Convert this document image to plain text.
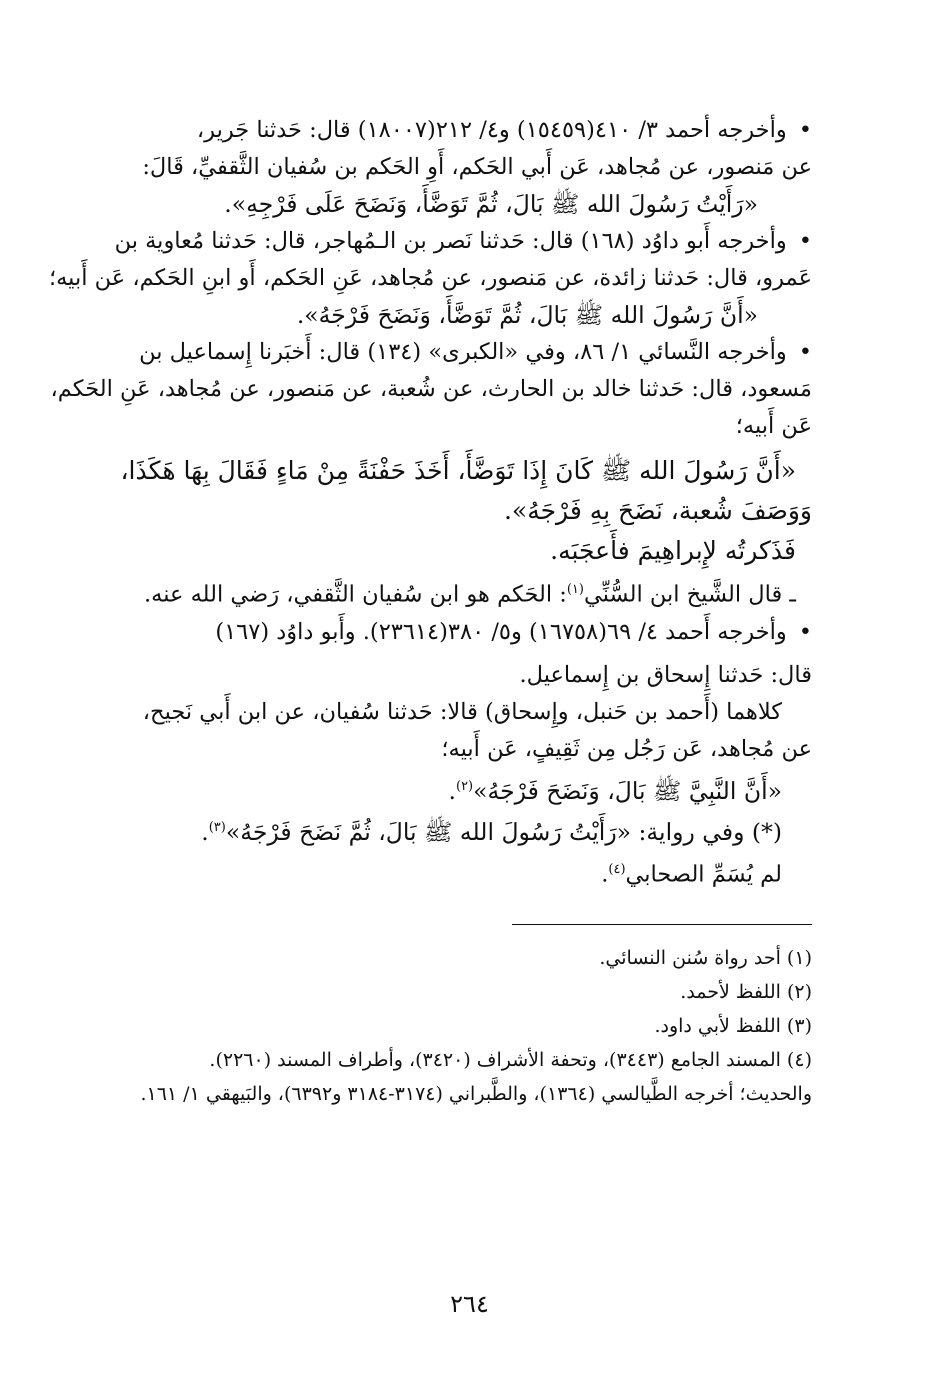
• وأخرجه أحمد ٣/ ٤١٠(١٥٤٥٩) و٤/ ٢١٢(١٨٠٠٧) قال: حَدثنا جَرير،
عن مَنصور، عن مُجاهد، عَن أَبي الحَكم، أَوِ الحَكم بن سُفيان الثَّقفيِّ، قَالَ:
«رَأَيْتُ رَسُولَ الله ﷺ بَالَ، ثُمَّ تَوَضَّأَ، وَنَضَحَ عَلَى فَرْجِهِ».
• وأخرجه أَبو داوُد (١٦٨) قال: حَدثنا نَصر بن الـمُهاجر، قال: حَدثنا مُعاوية بن
عَمرو، قال: حَدثنا زائدة، عن مَنصور، عن مُجاهد، عَنِ الحَكم، أَو ابنِ الحَكم، عَن أَبيه؛
«أَنَّ رَسُولَ الله ﷺ بَالَ، ثُمَّ تَوَضَّأَ، وَنَضَحَ فَرْجَهُ».
• وأخرجه النَّسائي ١/ ٨٦، وفي «الكبرى» (١٣٤) قال: أَخبَرنا إِسماعيل بن
مَسعود، قال: حَدثنا خالد بن الحارث، عن شُعبة، عن مَنصور، عن مُجاهد، عَنِ الحَكم،
عَن أَبيه؛
«أَنَّ رَسُولَ الله ﷺ كَانَ إِذَا تَوَضَّأَ، أَخَذَ حَفْنَةً مِنْ مَاءٍ فَقَالَ بِهَا هَكَذَا،
وَوَصَفَ شُعبة، نَضَحَ بِهِ فَرْجَهُ».
فَذَكرتُه لإِبراهِيمَ فأَعجَبَه.
ـ قال الشَّيخ ابن السُّنِّي$^{(١)}$: الحَكم هو ابن سُفيان الثَّقفي، رَضي الله عنه.
• وأخرجه أَحمد ٤/ ٦٩(١٦٧٥٨) و٥/ ٣٨٠(٢٣٦١٤). وأَبو داوُد (١٦٧)
قال: حَدثنا إِسحاق بن إِسماعيل.
كلاهما (أَحمد بن حَنبل، وإِسحاق) قالا: حَدثنا سُفيان، عن ابن أَبي نَجيح،
عن مُجاهد، عَن رَجُل مِن ثَقِيفٍ، عَن أَبيه؛
«أَنَّ النَّبِيَّ ﷺ بَالَ، وَنَضَحَ فَرْجَهُ»$^{(٢)}$.
(*) وفي رواية: «رَأَيْتُ رَسُولَ الله ﷺ بَالَ، ثُمَّ نَضَحَ فَرْجَهُ»$^{(٣)}$.
لم يُسَمِّ الصحابي$^{(٤)}$.
(١) أحد رواة سُنن النسائي.
(٢) اللفظ لأحمد.
(٣) اللفظ لأبي داود.
(٤) المسند الجامع (٣٤٤٣)، وتحفة الأشراف (٣٤٢٠)، وأطراف المسند (٢٢٦٠).
والحديث؛ أخرجه الطَّيالسي (١٣٦٤)، والطَّبراني (٣١٧٤-٣١٨٤ و٦٣٩٢)، والبَيهقي ١/ ١٦١.
٢٦٤
